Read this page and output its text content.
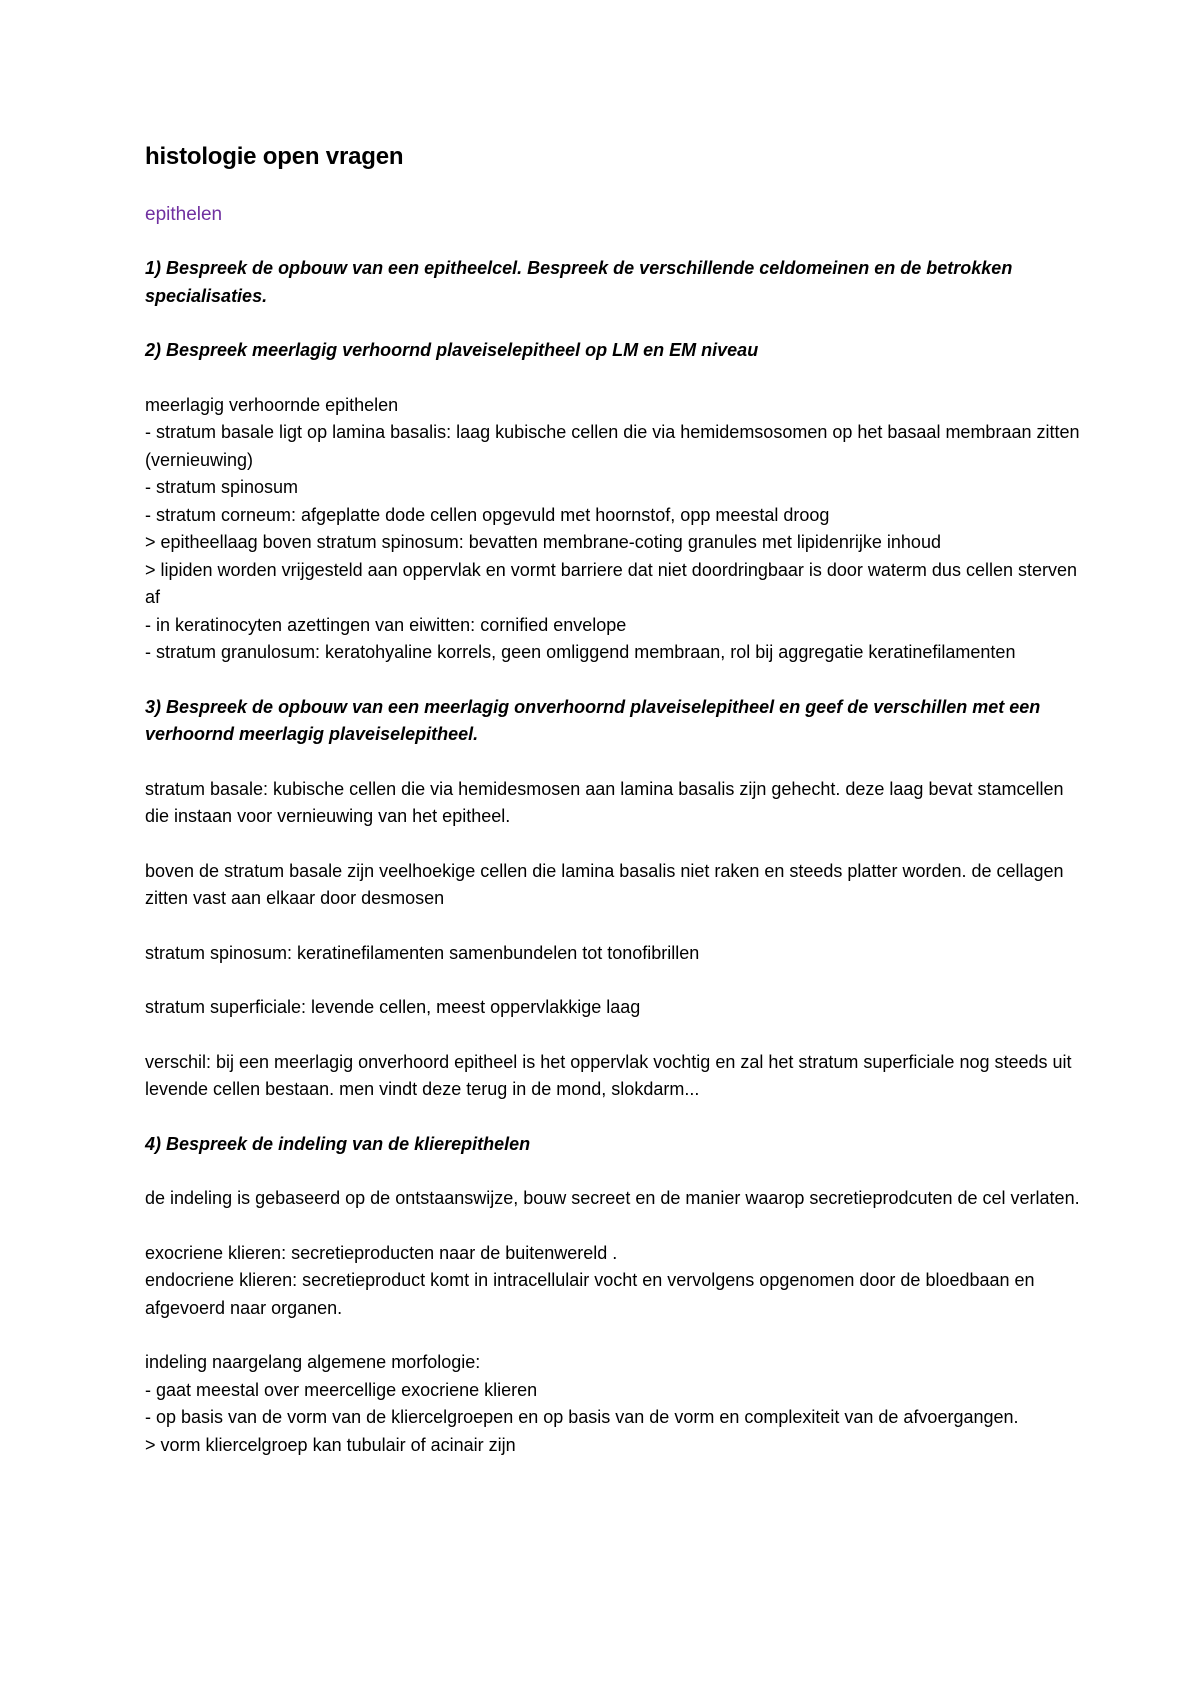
histologie open vragen
epithelen
1) Bespreek de opbouw van een epitheelcel. Bespreek de verschillende celdomeinen en de betrokken specialisaties.
2) Bespreek meerlagig verhoornd plaveiselepitheel op LM en EM niveau
meerlagig verhoornde epithelen
- stratum basale ligt op lamina basalis: laag kubische cellen die via hemidemsosomen op het basaal membraan zitten (vernieuwing)
- stratum spinosum
- stratum corneum: afgeplatte dode cellen opgevuld met hoornstof, opp meestal droog
> epitheellaag boven stratum spinosum: bevatten membrane-coting granules met lipidenrijke inhoud
> lipiden worden vrijgesteld aan oppervlak en vormt barriere dat niet doordringbaar is door waterm dus cellen sterven af
- in keratinocyten azettingen van eiwitten: cornified envelope
- stratum granulosum: keratohyaline korrels, geen omliggend membraan, rol bij aggregatie keratinefilamenten
3) Bespreek de opbouw van een meerlagig onverhoornd plaveiselepitheel en geef de verschillen met een verhoornd meerlagig plaveiselepitheel.
stratum basale: kubische cellen die via hemidesmosen aan lamina basalis zijn gehecht. deze laag bevat stamcellen die instaan voor vernieuwing van het epitheel.
boven de stratum basale zijn veelhoekige cellen die lamina basalis niet raken en steeds platter worden. de cellagen zitten vast aan elkaar door desmosen
stratum spinosum: keratinefilamenten samenbundelen tot tonofibrillen
stratum superficiale: levende cellen, meest oppervlakkige laag
verschil: bij een meerlagig onverhoord epitheel is het oppervlak vochtig en zal het stratum superficiale nog steeds uit levende cellen bestaan. men vindt deze terug in de mond, slokdarm...
4) Bespreek de indeling van de klierepithelen
de indeling is gebaseerd op de ontstaanswijze, bouw secreet en de manier waarop secretieprodcuten de cel verlaten.
exocriene klieren: secretieproducten naar de buitenwereld .
endocriene klieren: secretieproduct komt in intracellulair vocht en vervolgens opgenomen door de bloedbaan en afgevoerd naar organen.
indeling naargelang algemene morfologie:
- gaat meestal over meercellige exocriene klieren
- op basis van de vorm van de kliercelgroepen en op basis van de vorm en complexiteit van de afvoergangen.
> vorm kliercelgroep kan tubulair of acinair zijn
